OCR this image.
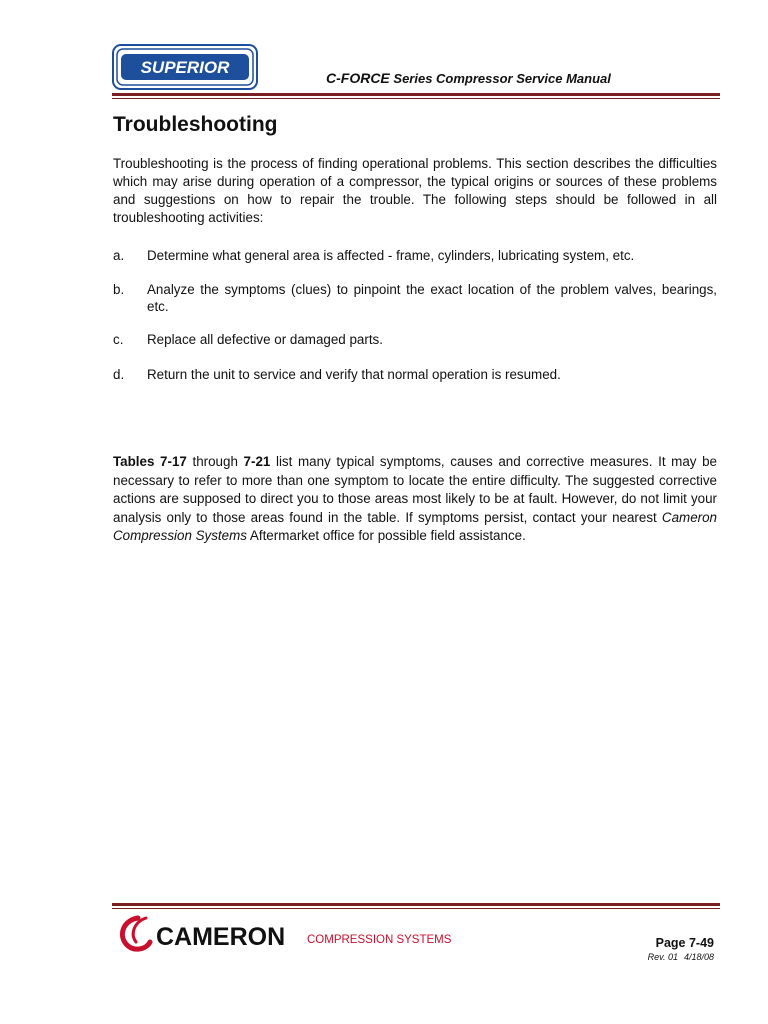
SUPERIOR
C-FORCE Series Compressor Service Manual
Troubleshooting

Troubleshooting is the process of finding operational problems. This section describes the difficulties which may arise during operation of a compressor, the typical origins or sources of these problems and suggestions on how to repair the trouble. The following steps should be followed in all troubleshooting activities:

a. Determine what general area is affected - frame, cylinders, lubricating system, etc.
b. Analyze the symptoms (clues) to pinpoint the exact location of the problem valves, bearings, etc.
c. Replace all defective or damaged parts.
d. Return the unit to service and verify that normal operation is resumed.

Tables 7-17 through 7-21 list many typical symptoms, causes and corrective measures. It may be necessary to refer to more than one symptom to locate the entire difficulty. The suggested corrective actions are supposed to direct you to those areas most likely to be at fault. However, do not limit your analysis only to those areas found in the table. If symptoms persist, contact your nearest Cameron Compression Systems Aftermarket office for possible field assistance.

CAMERON COMPRESSION SYSTEMS	Page 7-49
Rev. 01 4/18/08
